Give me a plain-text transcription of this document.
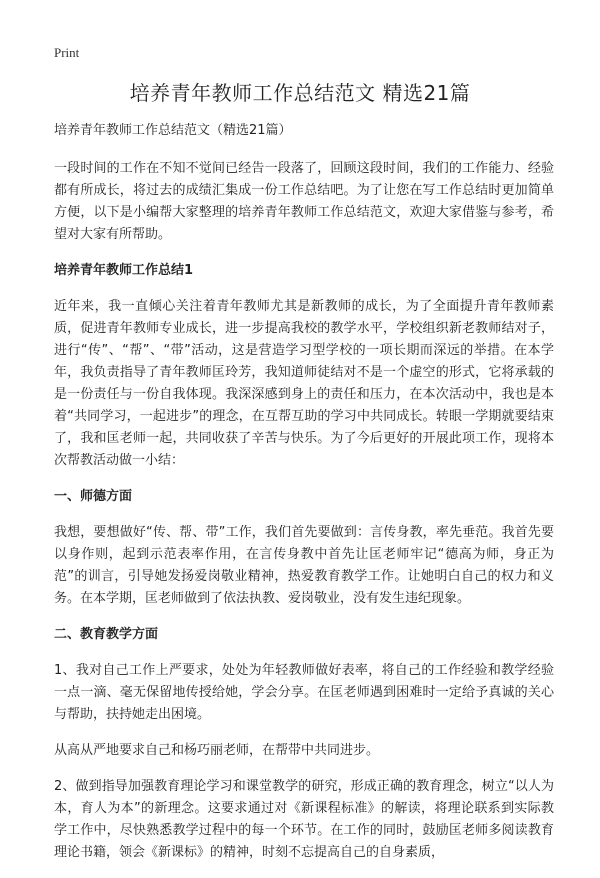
Print
培养青年教师工作总结范文 精选21篇

培养青年教师工作总结范文（精选21篇）

一段时间的工作在不知不觉间已经告一段落了，回顾这段时间，我们的工作能力、经验都有所成长，将过去的成绩汇集成一份工作总结吧。为了让您在写工作总结时更加简单方便，以下是小编帮大家整理的培养青年教师工作总结范文，欢迎大家借鉴与参考，希望对大家有所帮助。

培养青年教师工作总结1

近年来，我一直倾心关注着青年教师尤其是新教师的成长，为了全面提升青年教师素质，促进青年教师专业成长，进一步提高我校的教学水平，学校组织新老教师结对子，进行“传”、“帮”、“带”活动，这是营造学习型学校的一项长期而深远的举措。在本学年，我负责指导了青年教师匡玲芳，我知道师徒结对不是一个虚空的形式，它将承载的是一份责任与一份自我体现。我深深感到身上的责任和压力，在本次活动中，我也是本着“共同学习，一起进步”的理念，在互帮互助的学习中共同成长。转眼一学期就要结束了，我和匡老师一起，共同收获了辛苦与快乐。为了今后更好的开展此项工作，现将本次帮教活动做一小结：

一、师德方面

我想，要想做好“传、帮、带”工作，我们首先要做到：言传身教，率先垂范。我首先要以身作则，起到示范表率作用，在言传身教中首先让匡老师牢记“德高为师，身正为范”的训言，引导她发扬爱岗敬业精神，热爱教育教学工作。让她明白自己的权力和义务。在本学期，匡老师做到了依法执教、爱岗敬业，没有发生违纪现象。

二、教育教学方面

1、我对自己工作上严要求，处处为年轻教师做好表率，将自己的工作经验和教学经验一点一滴、毫无保留地传授给她，学会分享。在匡老师遇到困难时一定给予真诚的关心与帮助，扶持她走出困境。

从高从严地要求自己和杨巧丽老师，在帮带中共同进步。

2、做到指导加强教育理论学习和课堂教学的研究，形成正确的教育理念，树立“以人为本，育人为本”的新理念。这要求通过对《新课程标准》的解读，将理论联系到实际教学工作中，尽快熟悉教学过程中的每一个环节。在工作的同时，鼓励匡老师多阅读教育理论书籍，领会《新课标》的精神，时刻不忘提高自己的自身素质，
